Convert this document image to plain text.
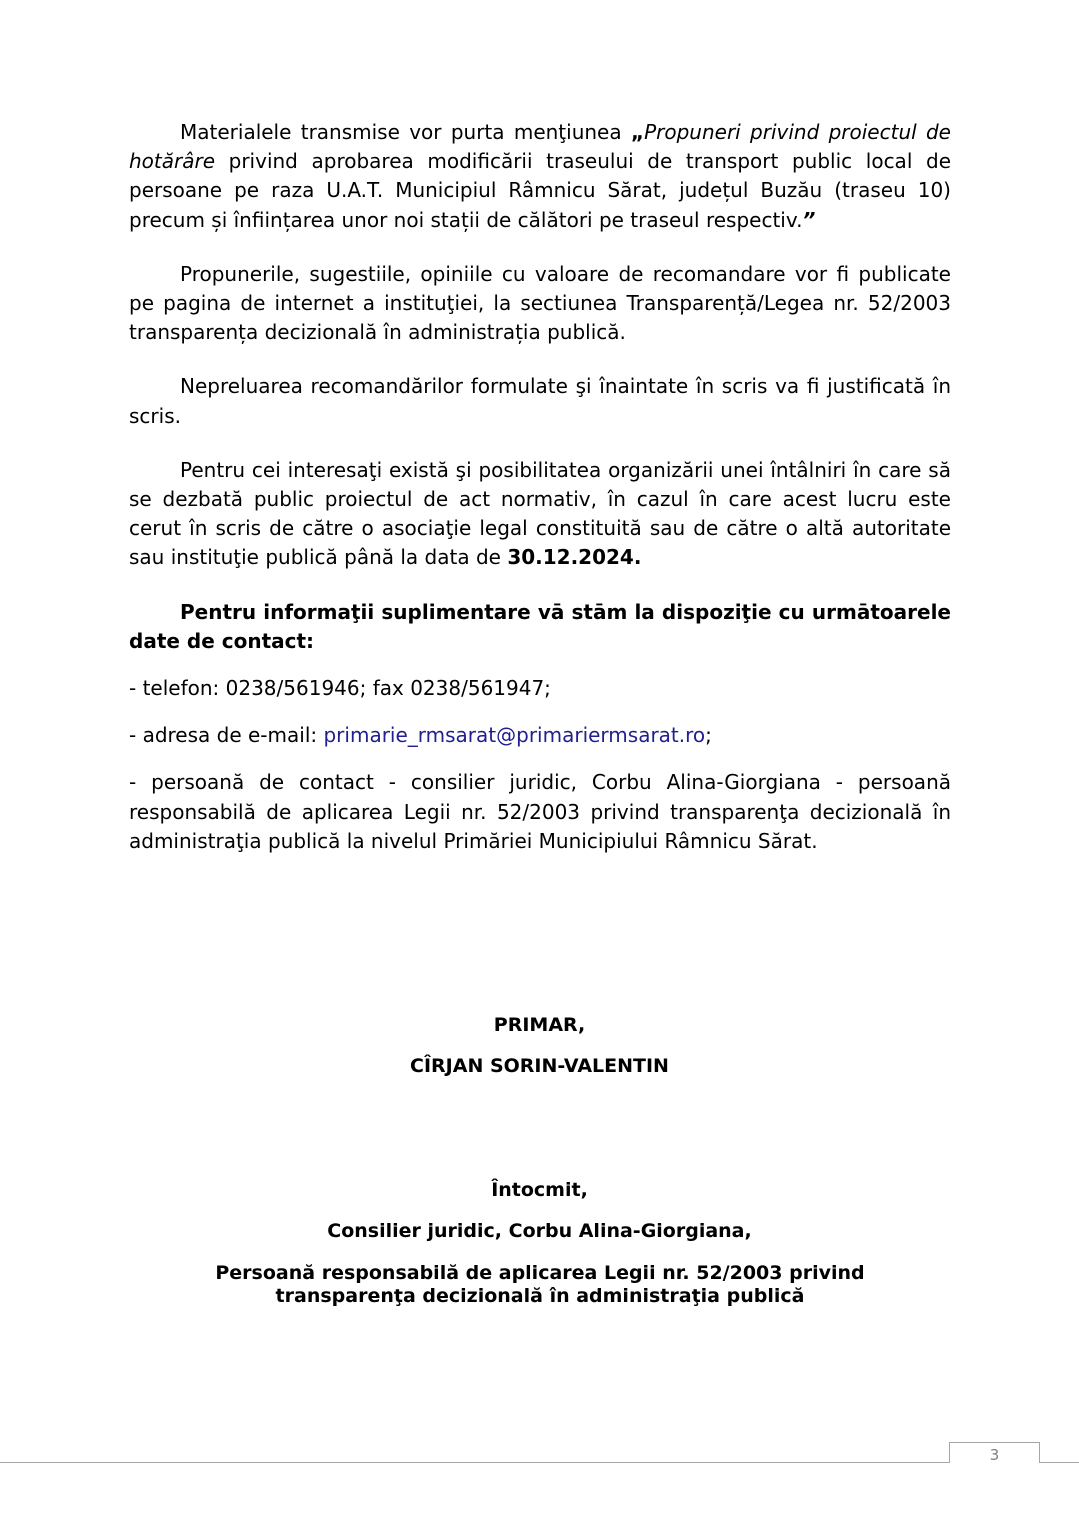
Materialele transmise vor purta menţiunea „Propuneri privind proiectul de hotărâre privind aprobarea modificării traseului de transport public local de persoane pe raza U.A.T. Municipiul Râmnicu Sărat, județul Buzău (traseu 10) precum și înființarea unor noi stații de călători pe traseul respectiv.”

Propunerile, sugestiile, opiniile cu valoare de recomandare vor fi publicate pe pagina de internet a instituţiei, la sectiunea Transparență/Legea nr. 52/2003 transparența decizională în administrația publică.

Nepreluarea recomandărilor formulate şi înaintate în scris va fi justificată în scris.

Pentru cei interesaţi există şi posibilitatea organizării unei întâlniri în care să se dezbată public proiectul de act normativ, în cazul în care acest lucru este cerut în scris de către o asociaţie legal constituită sau de către o altă autoritate sau instituţie publică până la data de 30.12.2024.

Pentru informaţii suplimentare vā stām la dispoziţie cu urmātoarele date de contact:

- telefon: 0238/561946; fax 0238/561947;

- adresa de e-mail: primarie_rmsarat@primariermsarat.ro;

- persoană de contact - consilier juridic, Corbu Alina-Giorgiana - persoană responsabilă de aplicarea Legii nr. 52/2003 privind transparenţa decizională în administraţia publică la nivelul Primăriei Municipiului Râmnicu Sărat.

PRIMAR,
CÎRJAN SORIN-VALENTIN
Întocmit,
Consilier juridic, Corbu Alina-Giorgiana,
Persoană responsabilă de aplicarea Legii nr. 52/2003 privind transparenţa decizională în administraţia publică
3
